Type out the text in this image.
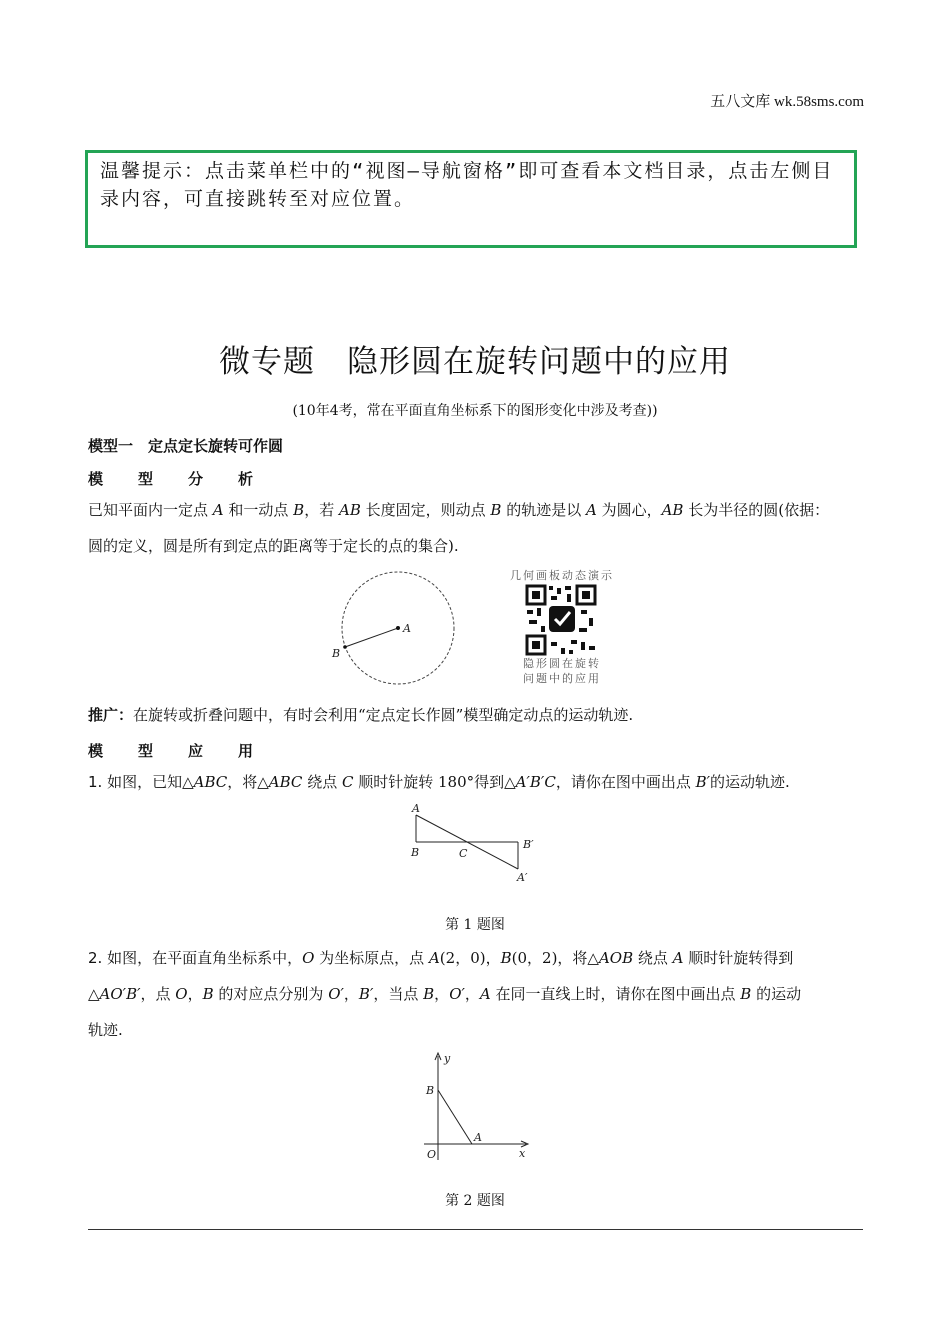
五八文库 wk.58sms.com
温馨提示：点击菜单栏中的“视图—导航窗格”即可查看本文档目录，点击左侧目录内容，可直接跳转至对应位置。
微专题　隐形圆在旋转问题中的应用
(10年4考，常在平面直角坐标系下的图形变化中涉及考查))
模型一　定点定长旋转可作圆
模 型 分 析
已知平面内一定点 A 和一动点 B，若 AB 长度固定，则动点 B 的轨迹是以 A 为圆心，AB 长为半径的圆(依据：
圆的定义，圆是所有到定点的距离等于定长的点的集合).
A
B
几何画板动态演示
隐形圆在旋转
问题中的应用
推广：在旋转或折叠问题中，有时会利用“定点定长作圆”模型确定动点的运动轨迹.
模 型 应 用
1. 如图，已知△ABC，将△ABC 绕点 C 顺时针旋转 180°得到△A′B′C，请你在图中画出点 B′的运动轨迹.
A
B	C
B′
A′
第 1 题图
2. 如图，在平面直角坐标系中，O 为坐标原点，点 A(2，0)，B(0，2)，将△AOB 绕点 A 顺时针旋转得到
△AO′B′，点 O，B 的对应点分别为 O′，B′，当点 B，O′，A 在同一直线上时，请你在图中画出点 B 的运动
轨迹.
y
x
B
A
O
第 2 题图
